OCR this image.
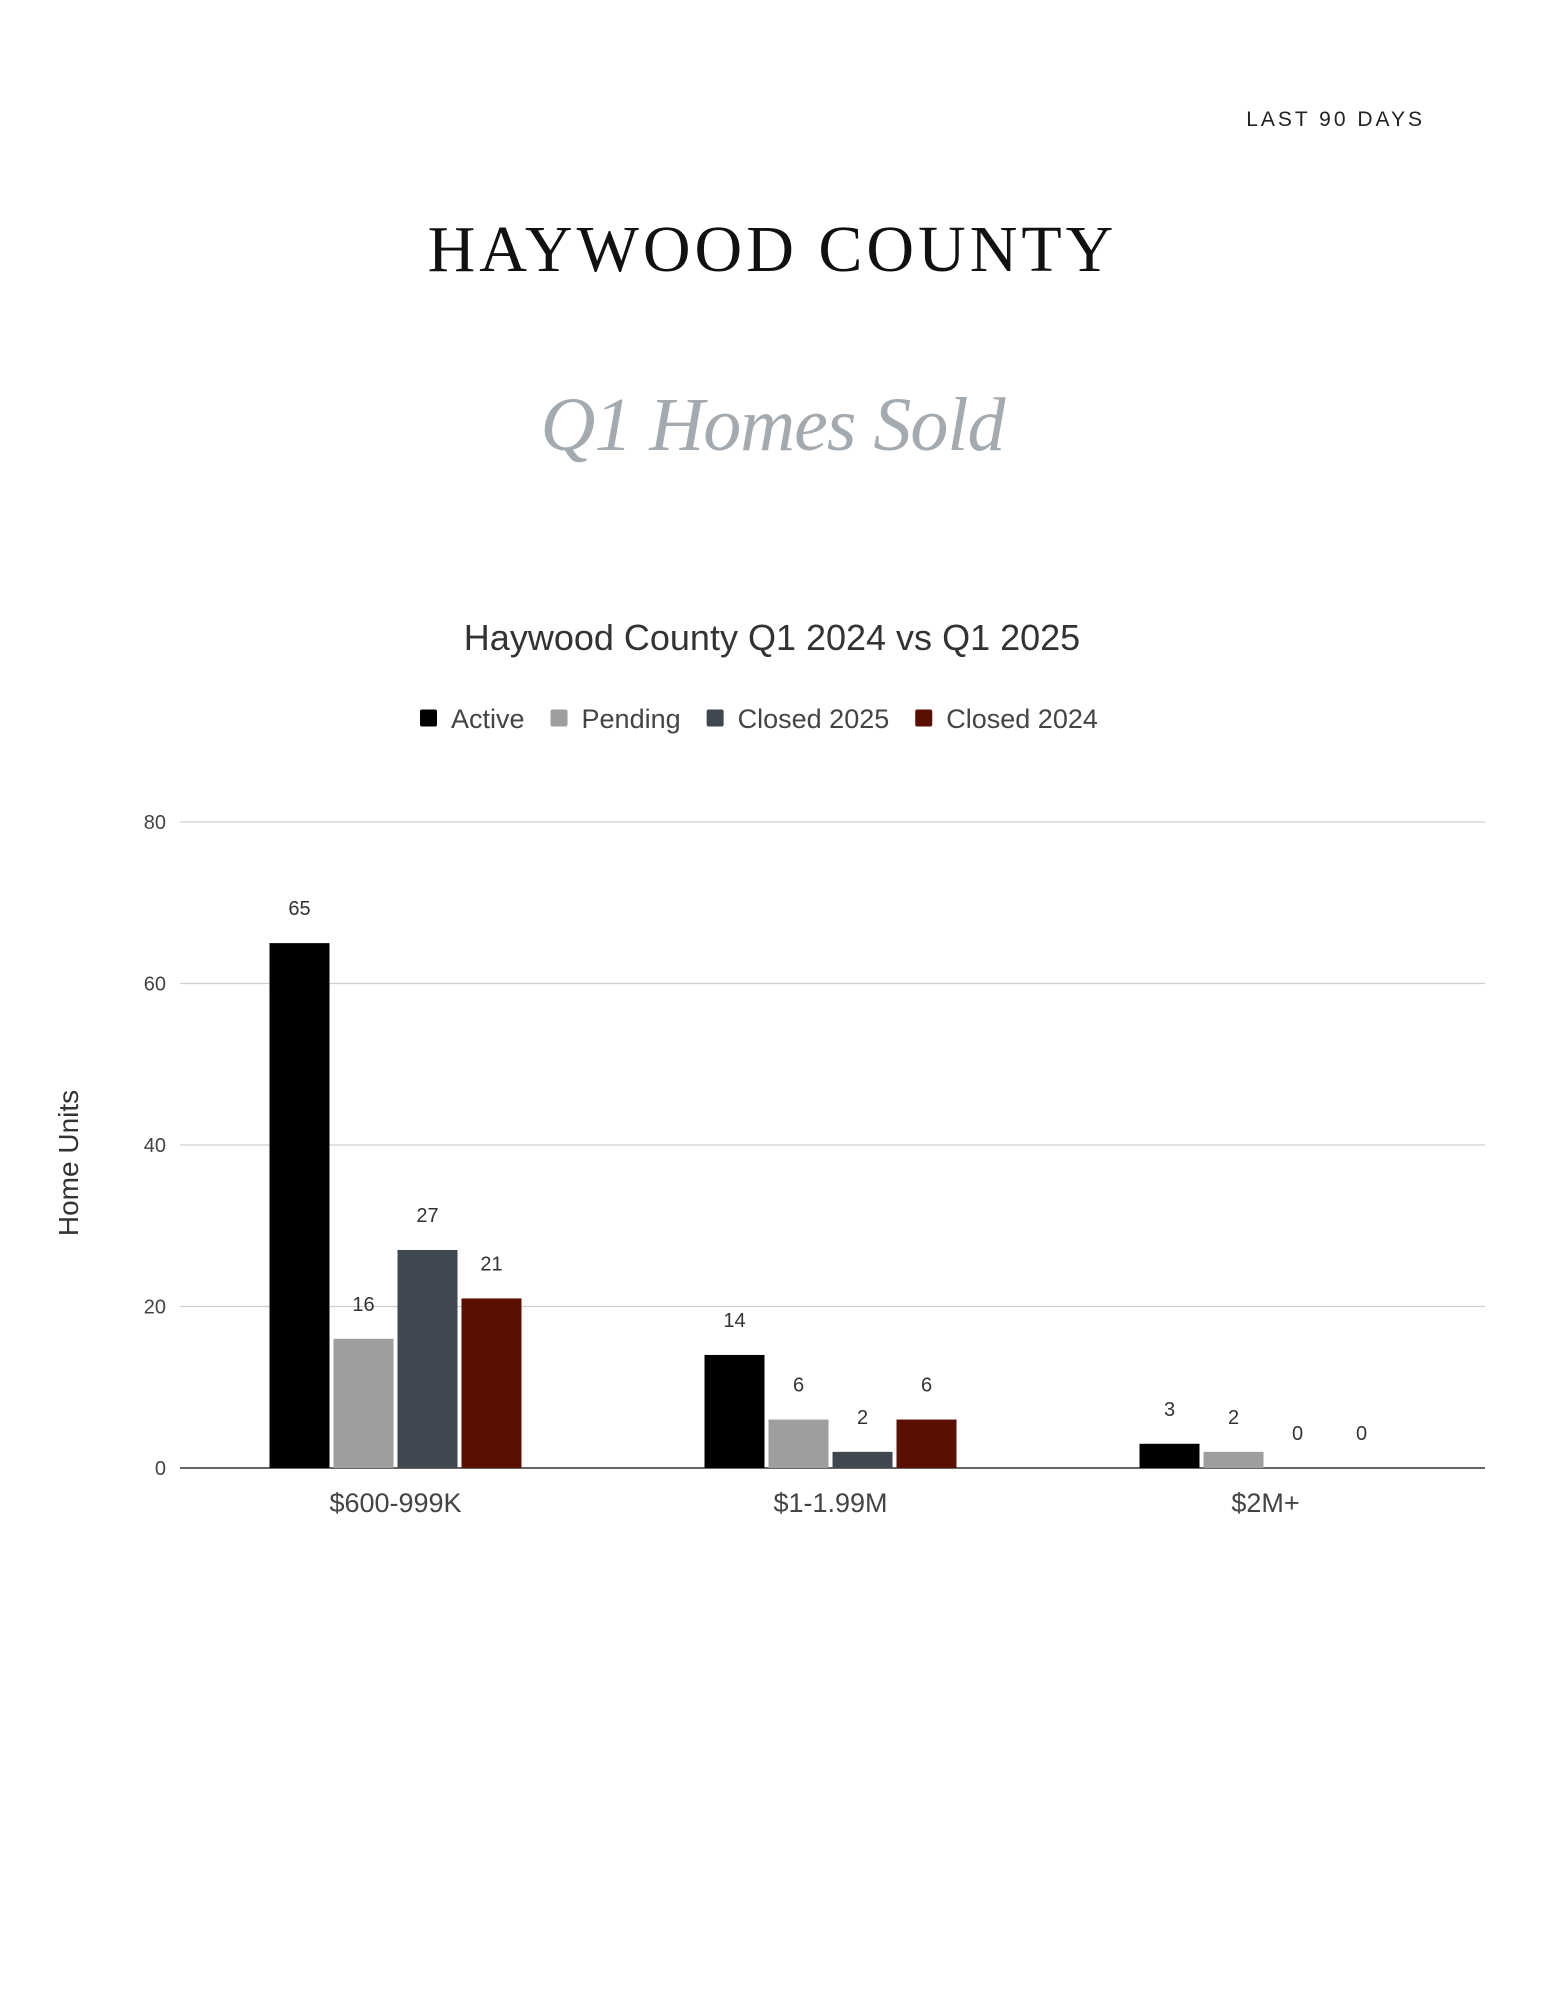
LAST 90 DAYS
HAYWOOD COUNTY
Q1 Homes Sold
Haywood County Q1 2024 vs Q1 2025
Active Pending Closed 2025 Closed 2024
0
20
40
60
80
Home Units
65
16
27
21
14
6
2
6
3	2
0	0
$600-999K	$1-1.99M	$2M+
